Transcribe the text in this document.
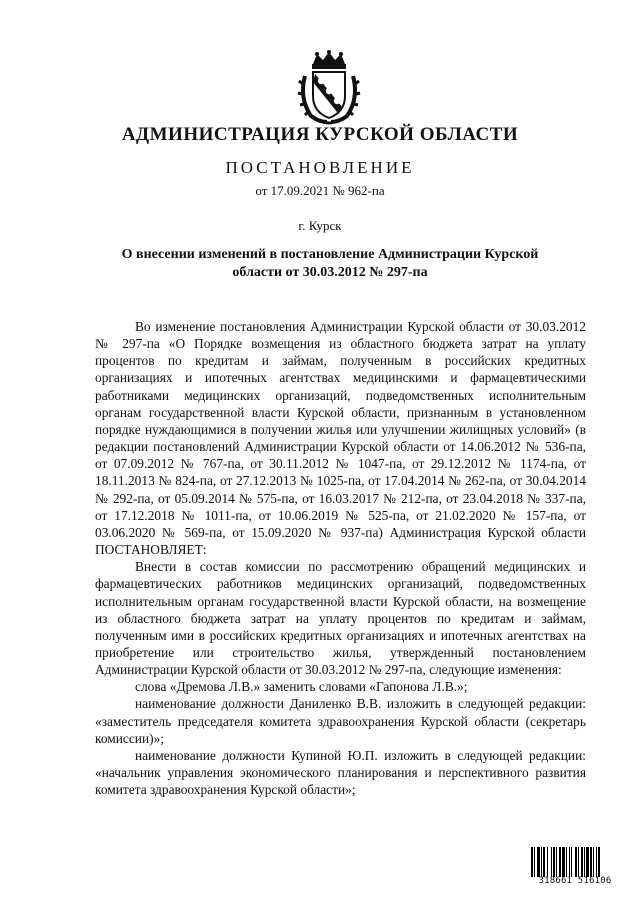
АДМИНИСТРАЦИЯ КУРСКОЙ ОБЛАСТИ
ПОСТАНОВЛЕНИЕ
от 17.09.2021 № 962-па
г. Курск
О внесении изменений в постановление Администрации Курской
области от 30.03.2012 № 297-па

Во изменение постановления Администрации Курской области от 30.03.2012 № 297-па «О Порядке возмещения из областного бюджета затрат на уплату процентов по кредитам и займам, полученным в российских кредитных организациях и ипотечных агентствах медицинскими и фармацевтическими работниками медицинских организаций, подведомственных исполнительным органам государственной власти Курской области, признанным в установленном порядке нуждающимися в получении жилья или улучшении жилищных условий» (в редакции постановлений Администрации Курской области от 14.06.2012 № 536-па, от 07.09.2012 № 767-па, от 30.11.2012 № 1047-па, от 29.12.2012 № 1174-па, от 18.11.2013 № 824-па, от 27.12.2013 № 1025-па, от 17.04.2014 № 262-па, от 30.04.2014 № 292-па, от 05.09.2014 № 575-па, от 16.03.2017 № 212-па, от 23.04.2018 № 337-па, от 17.12.2018 № 1011-па, от 10.06.2019 № 525-па, от 21.02.2020 № 157-па, от 03.06.2020 № 569-па, от 15.09.2020 № 937-па) Администрация Курской области ПОСТАНОВЛЯЕТ:

Внести в состав комиссии по рассмотрению обращений медицинских и фармацевтических работников медицинских организаций, подведомственных исполнительным органам государственной власти Курской области, на возмещение из областного бюджета затрат на уплату процентов по кредитам и займам, полученным ими в российских кредитных организациях и ипотечных агентствах на приобретение или строительство жилья, утвержденный постановлением Администрации Курской области от 30.03.2012 № 297-па, следующие изменения:

слова «Дремова Л.В.» заменить словами «Гапонова Л.В.»;

наименование должности Даниленко В.В. изложить в следующей редакции: «заместитель председателя комитета здравоохранения Курской области (секретарь комиссии)»;

наименование должности Купиной Ю.П. изложить в следующей редакции: «начальник управления экономического планирования и перспективного развития комитета здравоохранения Курской области»;

318661 516106
